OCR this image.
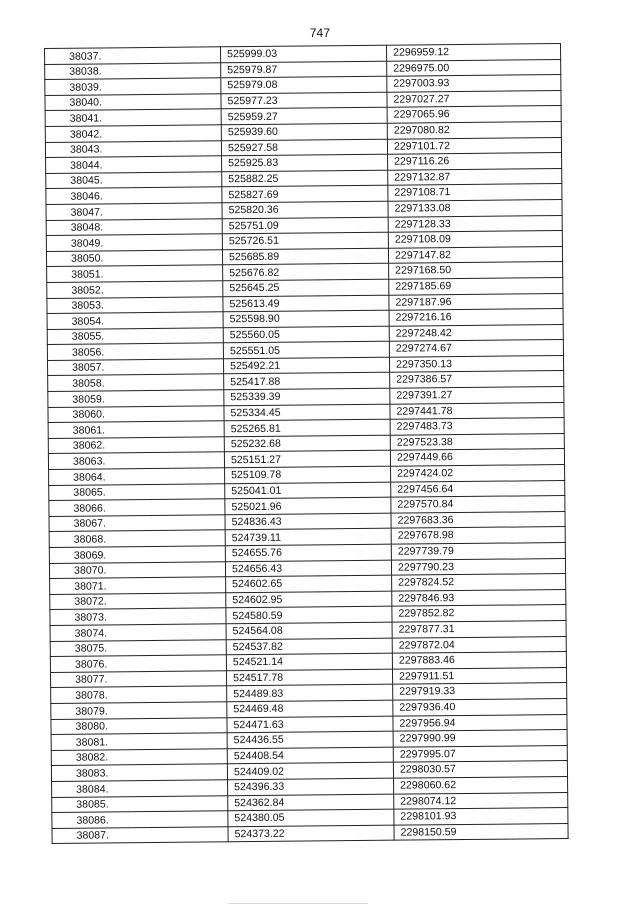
747
38037.	525999.03	2296959.12
38038.	525979.87	2296975.00
38039.	525979.08	2297003.93
38040.	525977.23	2297027.27
38041.	525959.27	2297065.96
38042.	525939.60	2297080.82
38043.	525927.58	2297101.72
38044.	525925.83	2297116.26
38045.	525882.25	2297132.87
38046.	525827.69	2297108.71
38047.	525820.36	2297133.08
38048.	525751.09	2297128.33
38049.	525726.51	2297108.09
38050.	525685.89	2297147.82
38051.	525676.82	2297168.50
38052.	525645.25	2297185.69
38053.	525613.49	2297187.96
38054.	525598.90	2297216.16
38055.	525560.05	2297248.42
38056.	525551.05	2297274.67
38057.	525492.21	2297350.13
38058.	525417.88	2297386.57
38059.	525339.39	2297391.27
38060.	525334.45	2297441.78
38061.	525265.81	2297483.73
38062.	525232.68	2297523.38
38063.	525151.27	2297449.66
38064.	525109.78	2297424.02
38065.	525041.01	2297456.64
38066.	525021.96	2297570.84
38067.	524836.43	2297683.36
38068.	524739.11	2297678.98
38069.	524655.76	2297739.79
38070.	524656.43	2297790.23
38071.	524602.65	2297824.52
38072.	524602.95	2297846.93
38073.	524580.59	2297852.82
38074.	524564.08	2297877.31
38075.	524537.82	2297872.04
38076.	524521.14	2297883.46
38077.	524517.78	2297911.51
38078.	524489.83	2297919.33
38079.	524469.48	2297936.40
38080.	524471.63	2297956.94
38081.	524436.55	2297990.99
38082.	524408.54	2297995.07
38083.	524409.02	2298030.57
38084.	524396.33	2298060.62
38085.	524362.84	2298074.12
38086.	524380.05	2298101.93
38087.	524373.22	2298150.59
